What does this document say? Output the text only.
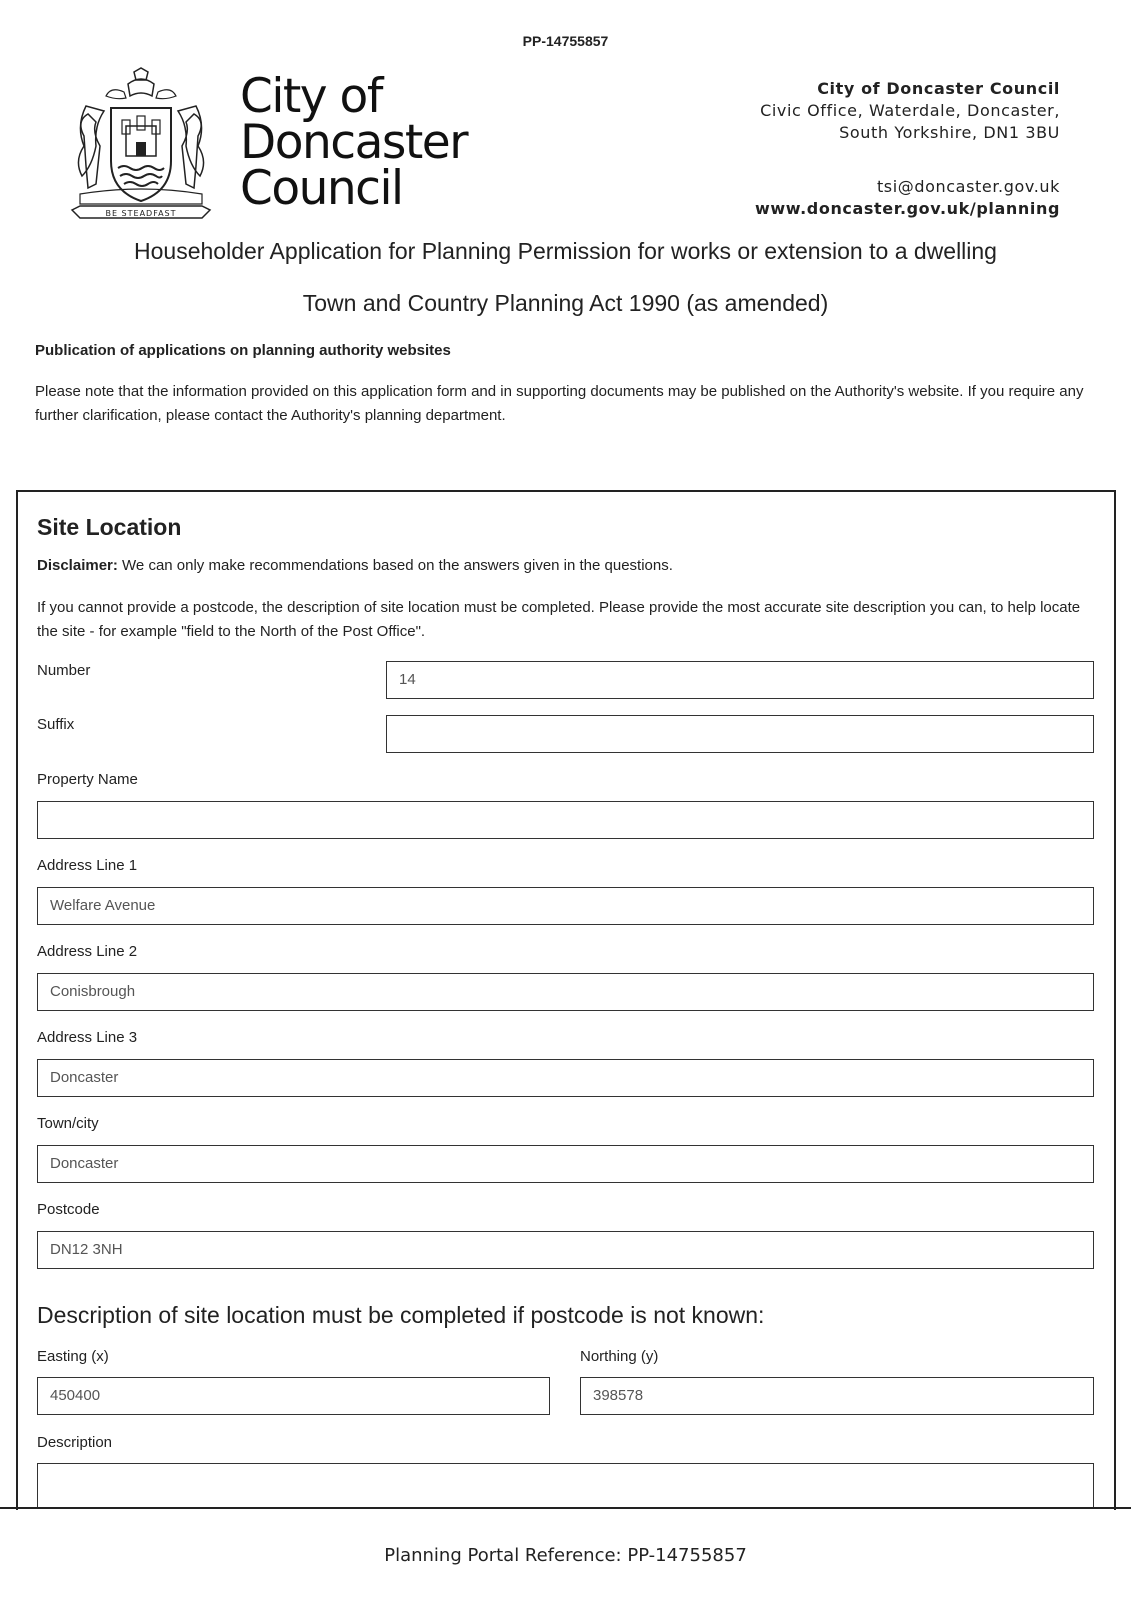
PP-14755857
BE STEADFAST
City of
Doncaster
Council
City of Doncaster Council
Civic Office, Waterdale, Doncaster,
South Yorkshire, DN1 3BU
tsi@doncaster.gov.uk
www.doncaster.gov.uk/planning
Householder Application for Planning Permission for works or extension to a dwelling
Town and Country Planning Act 1990 (as amended)
Publication of applications on planning authority websites
Please note that the information provided on this application form and in supporting documents may be published on the Authority's website. If you require any further clarification, please contact the Authority's planning department.
Site Location
Disclaimer: We can only make recommendations based on the answers given in the questions.
If you cannot provide a postcode, the description of site location must be completed. Please provide the most accurate site description you can, to help locate the site - for example "field to the North of the Post Office".
Number
14
Suffix
Property Name
Address Line 1
Welfare Avenue
Address Line 2
Conisbrough
Address Line 3
Doncaster
Town/city
Doncaster
Postcode
DN12 3NH
Description of site location must be completed if postcode is not known:
Easting (x)
450400
Northing (y)
398578
Description
Planning Portal Reference: PP-14755857
